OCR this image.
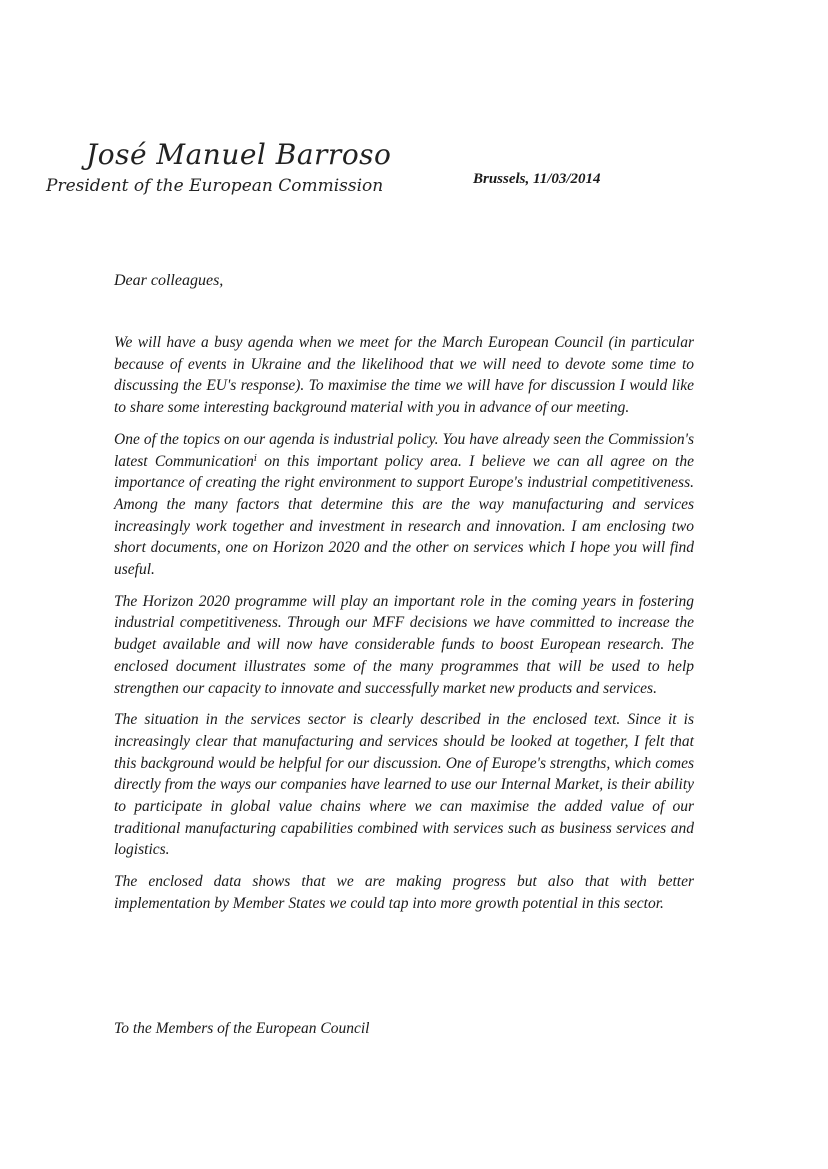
José Manuel Barroso
President of the European Commission	Brussels, 11/03/2014
Dear colleagues,

We will have a busy agenda when we meet for the March European Council (in particular because of events in Ukraine and the likelihood that we will need to devote some time to discussing the EU's response). To maximise the time we will have for discussion I would like to share some interesting background material with you in advance of our meeting.

One of the topics on our agenda is industrial policy. You have already seen the Commission's latest Communicationⁱ on this important policy area. I believe we can all agree on the importance of creating the right environment to support Europe's industrial competitiveness. Among the many factors that determine this are the way manufacturing and services increasingly work together and investment in research and innovation. I am enclosing two short documents, one on Horizon 2020 and the other on services which I hope you will find useful.

The Horizon 2020 programme will play an important role in the coming years in fostering industrial competitiveness. Through our MFF decisions we have committed to increase the budget available and will now have considerable funds to boost European research. The enclosed document illustrates some of the many programmes that will be used to help strengthen our capacity to innovate and successfully market new products and services.

The situation in the services sector is clearly described in the enclosed text. Since it is increasingly clear that manufacturing and services should be looked at together, I felt that this background would be helpful for our discussion. One of Europe's strengths, which comes directly from the ways our companies have learned to use our Internal Market, is their ability to participate in global value chains where we can maximise the added value of our traditional manufacturing capabilities combined with services such as business services and logistics.

The enclosed data shows that we are making progress but also that with better implementation by Member States we could tap into more growth potential in this sector.

To the Members of the European Council
